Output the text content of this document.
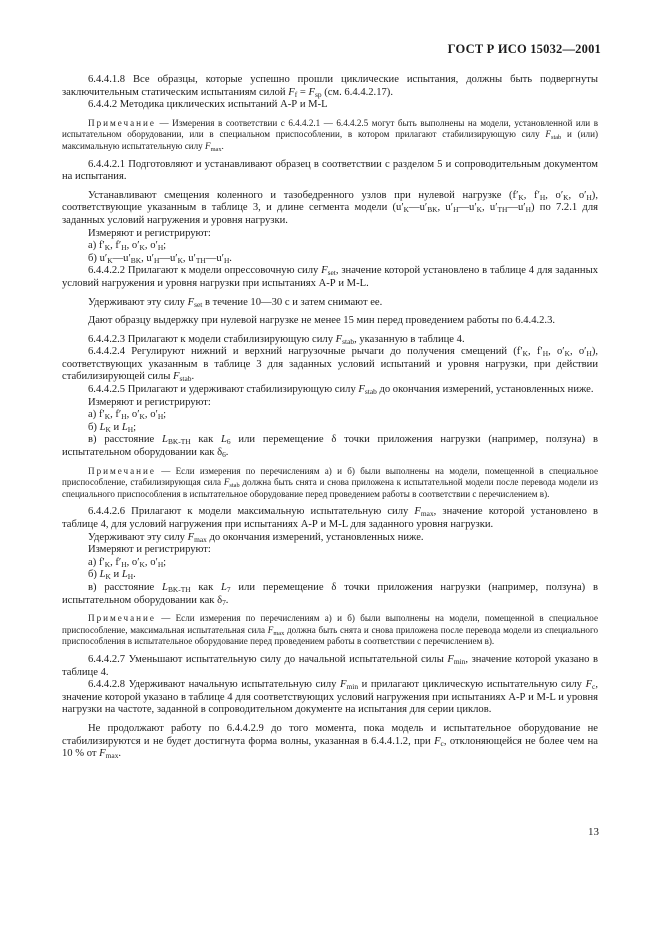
ГОСТ Р ИСО 15032—2001

6.4.4.1.8 Все образцы, которые успешно прошли циклические испытания, должны быть подвергнуты заключительным статическим испытаниям силой $F_f = F_{sp}$ (см. 6.4.4.2.17).

6.4.4.2 Методика циклических испытаний А-Р и М-L

Примечание — Измерения в соответствии с 6.4.4.2.1 — 6.4.4.2.5 могут быть выполнены на модели, установленной или в испытательном оборудовании, или в специальном приспособлении, в котором прилагают стабилизирующую силу $F_{stab}$ и (или) максимальную испытательную силу $F_{max}$.

6.4.4.2.1 Подготовляют и устанавливают образец в соответствии с разделом 5 и сопроводительным документом на испытания.

Устанавливают смещения коленного и тазобедренного узлов при нулевой нагрузке ($f'_K$, $f'_H$, $o'_K$, $o'_H$), соответствующие указанным в таблице 3, и длине сегмента модели ($u'_K—u'_{BK}$, $u'_H—u'_K$, $u'_{TH}—u'_H$) по 7.2.1 для заданных условий нагружения и уровня нагрузки.

Измеряют и регистрируют:

а) $f'_K$, $f'_H$, $o'_K$, $o'_H$;

б) $u'_K—u'_{BK}$, $u'_H—u'_K$, $u'_{TH}—u'_H$.

6.4.4.2.2 Прилагают к модели опрессовочную силу $F_{set}$, значение которой установлено в таблице 4 для заданных условий нагружения и уровня нагрузки при испытаниях А-Р и М-L.

Удерживают эту силу $F_{set}$ в течение 10—30 с и затем снимают ее.

Дают образцу выдержку при нулевой нагрузке не менее 15 мин перед проведением работы по 6.4.4.2.3.

6.4.4.2.3 Прилагают к модели стабилизирующую силу $F_{stab}$, указанную в таблице 4.

6.4.4.2.4 Регулируют нижний и верхний нагрузочные рычаги до получения смещений ($f'_K$, $f'_H$, $o'_K$, $o'_H$), соответствующих указанным в таблице 3 для заданных условий испытаний и уровня нагрузки, при действии стабилизирующей силы $F_{stab}$.

6.4.4.2.5 Прилагают и удерживают стабилизирующую силу $F_{stab}$ до окончания измерений, установленных ниже.

Измеряют и регистрируют:

а) $f'_K$, $f'_H$, $o'_K$, $o'_H$;

б) $L_K$ и $L_H$;

в) расстояние $L_{BK-TH}$ как $L_6$ или перемещение δ точки приложения нагрузки (например, ползуна) в испытательном оборудовании как $\delta_6$.

Примечание — Если измерения по перечислениям а) и б) были выполнены на модели, помещенной в специальное приспособление, стабилизирующая сила $F_{stab}$ должна быть снята и снова приложена к испытательной модели после перевода модели из специального приспособления в испытательное оборудование перед проведением работы в соответствии с перечислением в).

6.4.4.2.6 Прилагают к модели максимальную испытательную силу $F_{max}$, значение которой установлено в таблице 4, для условий нагружения при испытаниях А-Р и М-L для заданного уровня нагрузки.

Удерживают эту силу $F_{max}$ до окончания измерений, установленных ниже.

Измеряют и регистрируют:

а) $f'_K$, $f'_H$, $o'_K$, $o'_H$;

б) $L_K$ и $L_H$.

в) расстояние $L_{BK-TH}$ как $L_7$ или перемещение δ точки приложения нагрузки (например, ползуна) в испытательном оборудовании как $\delta_7$.

Примечание — Если измерения по перечислениям а) и б) были выполнены на модели, помещенной в специальное приспособление, максимальная испытательная сила $F_{max}$ должна быть снята и снова приложена после перевода модели из специального приспособления в испытательное оборудование перед проведением работы в соответствии с перечислением в).

6.4.4.2.7 Уменьшают испытательную силу до начальной испытательной силы $F_{min}$, значение которой указано в таблице 4.

6.4.4.2.8 Удерживают начальную испытательную силу $F_{min}$ и прилагают циклическую испытательную силу $F_c$, значение которой указано в таблице 4 для соответствующих условий нагружения при испытаниях А-Р и М-L и уровня нагрузки на частоте, заданной в сопроводительном документе на испытания для серии циклов.

Не продолжают работу по 6.4.4.2.9 до того момента, пока модель и испытательное оборудование не стабилизируются и не будет достигнута форма волны, указанная в 6.4.4.1.2, при $F_c$, отклоняющейся не более чем на 10 % от $F_{max}$.

13
